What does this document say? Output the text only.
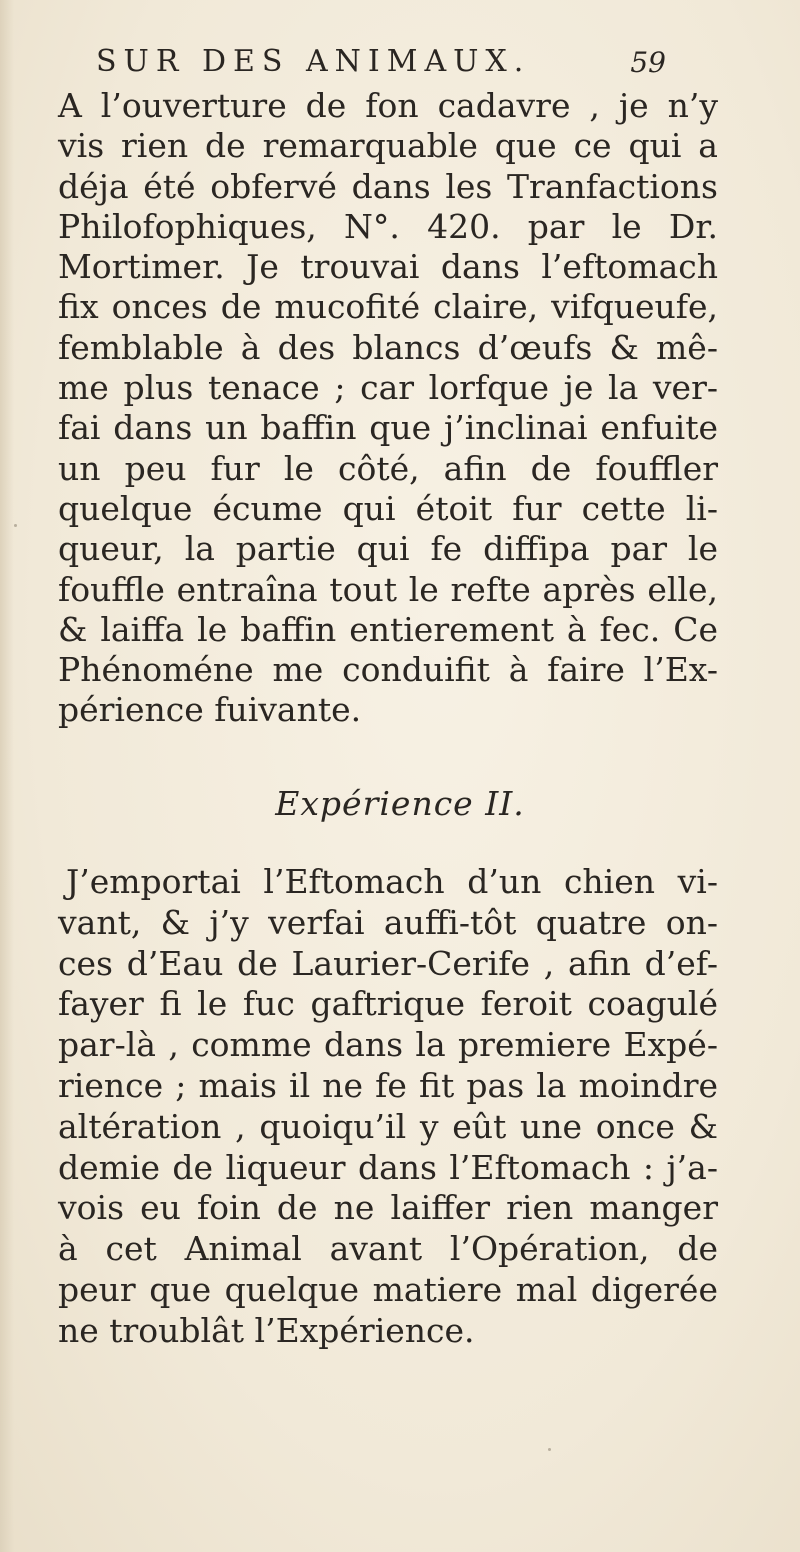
SUR DES ANIMAUX.	59
A l’ouverture de fon cadavre , je n’y
vis rien de remarquable que ce qui a
déja été obfervé dans les Tranfactions
Philofophiques, N°. 420. par le Dr.
Mortimer. Je trouvai dans l’eftomach
fix onces de mucofité claire, vifqueufe,
femblable à des blancs d’œufs & mê-
me plus tenace ; car lorfque je la ver-
fai dans un baffin que j’inclinai enfuite
un peu fur le côté, afin de fouffler
quelque écume qui étoit fur cette li-
queur, la partie qui fe diffipa par le
fouffle entraîna tout le refte après elle,
& laiffa le baffin entierement à fec. Ce
Phénoméne me conduifit à faire l’Ex-
périence fuivante.
Expérience II.
J’emportai l’Eftomach d’un chien vi-
vant, & j’y verfai auffi-tôt quatre on-
ces d’Eau de Laurier-Cerife , afin d’ef-
fayer fi le fuc gaftrique feroit coagulé
par-là , comme dans la premiere Expé-
rience ; mais il ne fe fit pas la moindre
altération , quoiqu’il y eût une once &
demie de liqueur dans l’Eftomach : j’a-
vois eu foin de ne laiffer rien manger
à cet Animal avant l’Opération, de
peur que quelque matiere mal digerée
ne troublât l’Expérience.
